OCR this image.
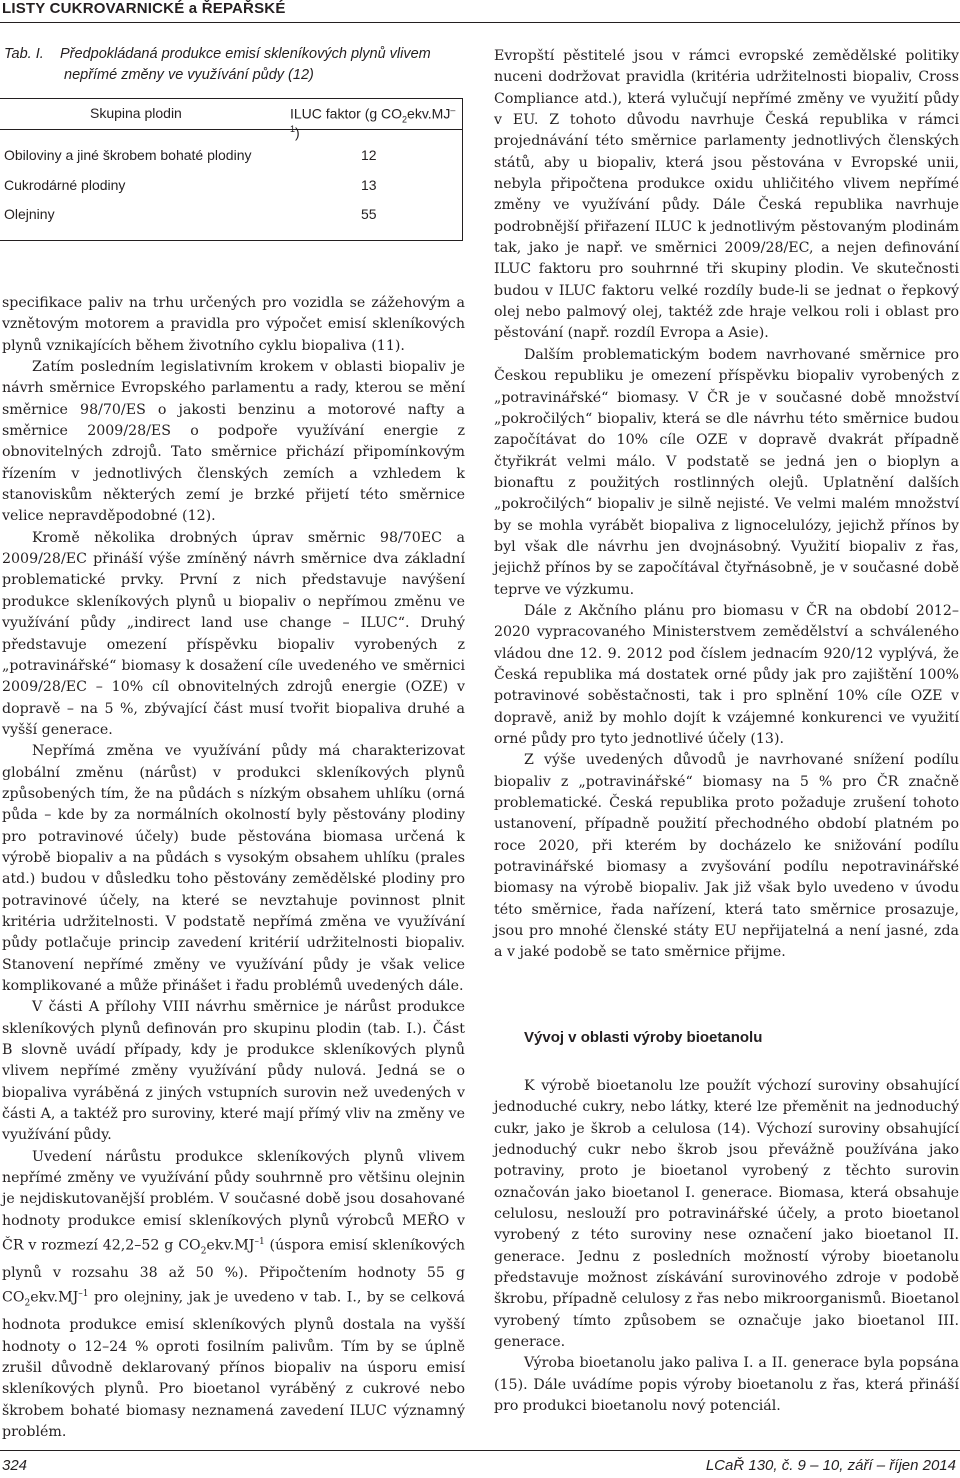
LISTY CUKROVARNICKÉ a ŘEPAŘSKÉ
Tab. I. Předpokládaná produkce emisí skleníkových plynů vlivem
nepřímé změny ve využívání půdy (12)
Skupina plodin	ILUC faktor (g $CO_2ekv.MJ^{-1}$)
Obiloviny a jiné škrobem bohaté plodiny	12
Cukrodárné plodiny	13
Olejniny	55

specifikace paliv na trhu určených pro vozidla se zážehovým a vznětovým motorem a pravidla pro výpočet emisí skleníkových plynů vznikajících během životního cyklu biopaliva (11).

Zatím posledním legislativním krokem v oblasti biopaliv je návrh směrnice Evropského parlamentu a rady, kterou se mění směrnice 98/70/ES o jakosti benzinu a motorové nafty a směrnice 2009/28/ES o podpoře využívání energie z obnovitelných zdrojů. Tato směrnice přichází připomínkovým řízením v jednotlivých členských zemích a vzhledem k stanoviskům některých zemí je brzké přijetí této směrnice velice nepravděpodobné (12).

Kromě několika drobných úprav směrnic 98/70EC a 2009/28/EC přináší výše zmíněný návrh směrnice dva základní problematické prvky. První z nich představuje navýšení produkce skleníkových plynů u biopaliv o nepřímou změnu ve využívání půdy „indirect land use change – ILUC“. Druhý představuje omezení příspěvku biopaliv vyrobených z „potravinářské“ biomasy k dosažení cíle uvedeného ve směrnici 2009/28/EC – 10% cíl obnovitelných zdrojů energie (OZE) v dopravě – na 5 %, zbývající část musí tvořit biopaliva druhé a vyšší generace.

Nepřímá změna ve využívání půdy má charakterizovat globální změnu (nárůst) v produkci skleníkových plynů způsobených tím, že na půdách s nízkým obsahem uhlíku (orná půda – kde by za normálních okolností byly pěstovány plodiny pro potravinové účely) bude pěstována biomasa určená k výrobě biopaliv a na půdách s vysokým obsahem uhlíku (prales atd.) budou v důsledku toho pěstovány zemědělské plodiny pro potravinové účely, na které se nevztahuje povinnost plnit kritéria udržitelnosti. V podstatě nepřímá změna ve využívání půdy potlačuje princip zavedení kritérií udržitelnosti biopaliv. Stanovení nepřímé změny ve využívání půdy je však velice komplikované a může přinášet i řadu problémů uvedených dále.

V části A přílohy VIII návrhu směrnice je nárůst produkce skleníkových plynů definován pro skupinu plodin (tab. I.). Část B slovně uvádí případy, kdy je produkce skleníkových plynů vlivem nepřímé změny využívání půdy nulová. Jedná se o biopaliva vyráběná z jiných vstupních surovin než uvedených v části A, a taktéž pro suroviny, které mají přímý vliv na změny ve využívání půdy.

Uvedení nárůstu produkce skleníkových plynů vlivem nepřímé změny ve využívání půdy souhrnně pro většinu olejnin je nejdiskutovanější problém. V současné době jsou dosahované hodnoty produkce emisí skleníkových plynů výrobců MEŘO v ČR v rozmezí 42,2–52 g $CO_2ekv.MJ^{-1}$ (úspora emisí skleníkových plynů v rozsahu 38 až 50 %). Připočtením hodnoty 55 g $CO_2ekv.MJ^{-1}$ pro olejniny, jak je uvedeno v tab. I., by se celková hodnota produkce emisí skleníkových plynů dostala na vyšší hodnoty o 12–24 % oproti fosilním palivům. Tím by se úplně zrušil důvodně deklarovaný přínos biopaliv na úsporu emisí skleníkových plynů. Pro bioetanol vyráběný z cukrové nebo škrobem bohaté biomasy neznamená zavedení ILUC významný problém.

Evropští pěstitelé jsou v rámci evropské zemědělské politiky nuceni dodržovat pravidla (kritéria udržitelnosti biopaliv, Cross Compliance atd.), která vylučují nepřímé změny ve využití půdy v EU. Z tohoto důvodu navrhuje Česká republika v rámci projednávání této směrnice parlamenty jednotlivých členských států, aby u biopaliv, která jsou pěstována v Evropské unii, nebyla připočtena produkce oxidu uhličitého vlivem nepřímé změny ve využívání půdy. Dále Česká republika navrhuje podrobnější přiřazení ILUC k jednotlivým pěstovaným plodinám tak, jako je např. ve směrnici 2009/28/EC, a nejen definování ILUC faktoru pro souhrnné tři skupiny plodin. Ve skutečnosti budou v ILUC faktoru velké rozdíly bude-li se jednat o řepkový olej nebo palmový olej, taktéž zde hraje velkou roli i oblast pro pěstování (např. rozdíl Evropa a Asie).

Dalším problematickým bodem navrhované směrnice pro Českou republiku je omezení příspěvku biopaliv vyrobených z „potravinářské“ biomasy. V ČR je v současné době množství „pokročilých“ biopaliv, která se dle návrhu této směrnice budou započítávat do 10% cíle OZE v dopravě dvakrát případně čtyřikrát velmi málo. V podstatě se jedná jen o bioplyn a bionaftu z použitých rostlinných olejů. Uplatnění dalších „pokročilých“ biopaliv je silně nejisté. Ve velmi malém množství by se mohla vyrábět biopaliva z lignocelulózy, jejichž přínos by byl však dle návrhu jen dvojnásobný. Využití biopaliv z řas, jejichž přínos by se započítával čtyřnásobně, je v současné době teprve ve výzkumu.

Dále z Akčního plánu pro biomasu v ČR na období 2012–2020 vypracovaného Ministerstvem zemědělství a schváleného vládou dne 12. 9. 2012 pod číslem jednacím 920/12 vyplývá, že Česká republika má dostatek orné půdy jak pro zajištění 100% potravinové soběstačnosti, tak i pro splnění 10% cíle OZE v dopravě, aniž by mohlo dojít k vzájemné konkurenci ve využití orné půdy pro tyto jednotlivé účely (13).

Z výše uvedených důvodů je navrhované snížení podílu biopaliv z „potravinářské“ biomasy na 5 % pro ČR značně problematické. Česká republika proto požaduje zrušení tohoto ustanovení, případně použití přechodného období platném po roce 2020, při kterém by docházelo ke snižování podílu potravinářské biomasy a zvyšování podílu nepotravinářské biomasy na výrobě biopaliv. Jak již však bylo uvedeno v úvodu této směrnice, řada nařízení, která tato směrnice prosazuje, jsou pro mnohé členské státy EU nepřijatelná a není jasné, zda a v jaké podobě se tato směrnice přijme.

Vývoj v oblasti výroby bioetanolu

K výrobě bioetanolu lze použít výchozí suroviny obsahující jednoduché cukry, nebo látky, které lze přeměnit na jednoduchý cukr, jako je škrob a celulosa (14). Výchozí suroviny obsahující jednoduchý cukr nebo škrob jsou převážně používána jako potraviny, proto je bioetanol vyrobený z těchto surovin označován jako bioetanol I. generace. Biomasa, která obsahuje celulosu, neslouží pro potravinářské účely, a proto bioetanol vyrobený z této suroviny nese označení jako bioetanol II. generace. Jednu z posledních možností výroby bioetanolu představuje možnost získávání surovinového zdroje v podobě škrobu, případně celulosy z řas nebo mikroorganismů. Bioetanol vyrobený tímto způsobem se označuje jako bioetanol III. generace.

Výroba bioetanolu jako paliva I. a II. generace byla popsána (15). Dále uvádíme popis výroby bioetanolu z řas, která přináší pro produkci bioetanolu nový potenciál.

324	LCaŘ 130, č. 9 – 10, září – říjen 2014
